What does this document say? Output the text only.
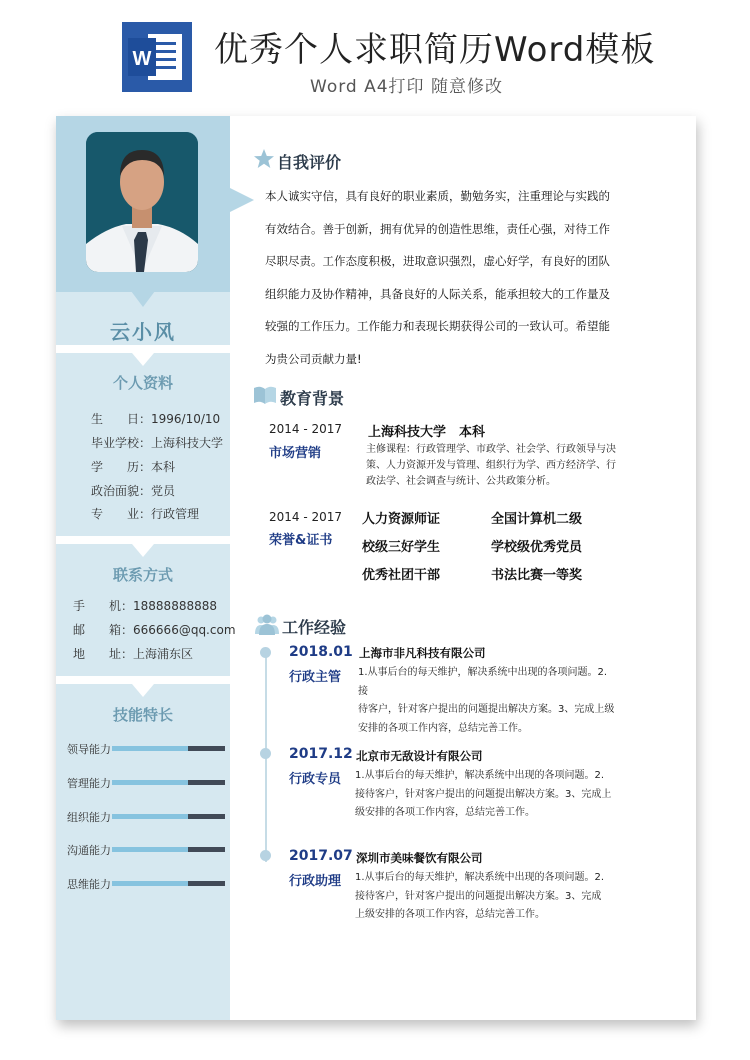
W 优秀个人求职简历Word模板
Word A4打印 随意修改
云小风
个人资料
生　　日：1996/10/10
毕业学校：上海科技大学
学　　历：本科
政治面貌：党员
专　　业：行政管理
联系方式
手　　机：18888888888
邮　　箱：666666@qq.com
地　　址：上海浦东区
技能特长
领导能力
管理能力
组织能力
沟通能力
思维能力
自我评价
本人诚实守信，具有良好的职业素质，勤勉务实，注重理论与实践的
有效结合。善于创新，拥有优异的创造性思维，责任心强，对待工作
尽职尽责。工作态度积极，进取意识强烈，虚心好学，有良好的团队
组织能力及协作精神，具备良好的人际关系，能承担较大的工作量及
较强的工作压力。工作能力和表现长期获得公司的一致认可。希望能
为贵公司贡献力量!
教育背景
2014 - 2017
市场营销
上海科技大学　本科
主修课程：行政管理学、市政学、社会学、行政领导与决
策、人力资源开发与管理、组织行为学、西方经济学、行
政法学、社会调查与统计、公共政策分析。
2014 - 2017
荣誉&证书
人力资源师证	全国计算机二级
校级三好学生	学校级优秀党员
优秀社团干部	书法比赛一等奖
工作经验
2018.01
行政主管
上海市非凡科技有限公司
1.从事后台的每天维护，解决系统中出现的各项问题。2.接
待客户，针对客户提出的问题提出解决方案。3、完成上级
安排的各项工作内容，总结完善工作。
2017.12
行政专员
北京市无敌设计有限公司
1.从事后台的每天维护，解决系统中出现的各项问题。2.
接待客户，针对客户提出的问题提出解决方案。3、完成上
级安排的各项工作内容，总结完善工作。
2017.07
行政助理
深圳市美味餐饮有限公司
1.从事后台的每天维护，解决系统中出现的各项问题。2.
接待客户，针对客户提出的问题提出解决方案。3、完成
上级安排的各项工作内容，总结完善工作。
